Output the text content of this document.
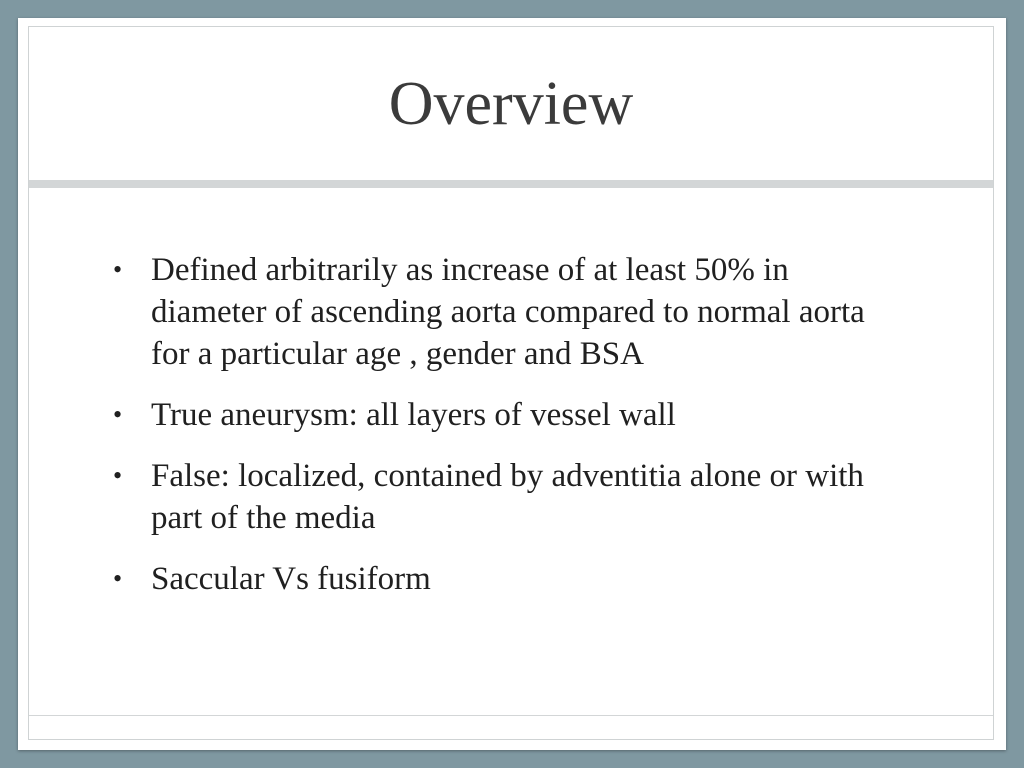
Overview
• Defined arbitrarily as increase of at least 50% in diameter of ascending aorta compared to normal aorta for a particular age , gender and BSA
• True aneurysm: all layers of vessel wall
• False: localized, contained by adventitia alone or with part of the media
• Saccular Vs fusiform
